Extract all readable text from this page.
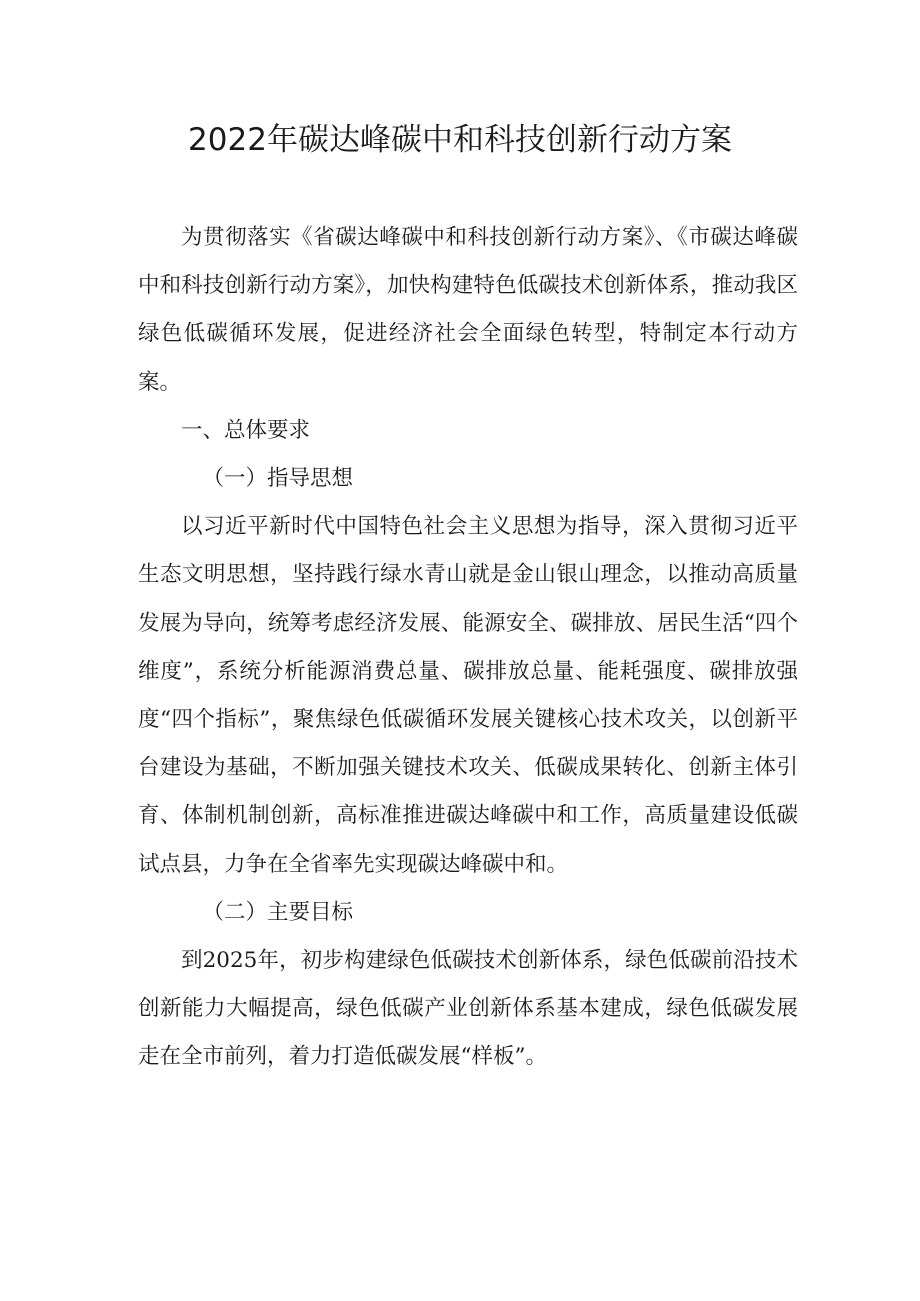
2022年碳达峰碳中和科技创新行动方案

为贯彻落实《省碳达峰碳中和科技创新行动方案》、《市碳达峰碳中和科技创新行动方案》，加快构建特色低碳技术创新体系，推动我区绿色低碳循环发展，促进经济社会全面绿色转型，特制定本行动方案。

一、总体要求

（一）指导思想

以习近平新时代中国特色社会主义思想为指导，深入贯彻习近平生态文明思想，坚持践行绿水青山就是金山银山理念，以推动高质量发展为导向，统筹考虑经济发展、能源安全、碳排放、居民生活“四个维度”，系统分析能源消费总量、碳排放总量、能耗强度、碳排放强度“四个指标”，聚焦绿色低碳循环发展关键核心技术攻关，以创新平台建设为基础，不断加强关键技术攻关、低碳成果转化、创新主体引育、体制机制创新，高标准推进碳达峰碳中和工作，高质量建设低碳试点县，力争在全省率先实现碳达峰碳中和。

（二）主要目标

到2025年，初步构建绿色低碳技术创新体系，绿色低碳前沿技术创新能力大幅提高，绿色低碳产业创新体系基本建成，绿色低碳发展走在全市前列，着力打造低碳发展“样板”。
